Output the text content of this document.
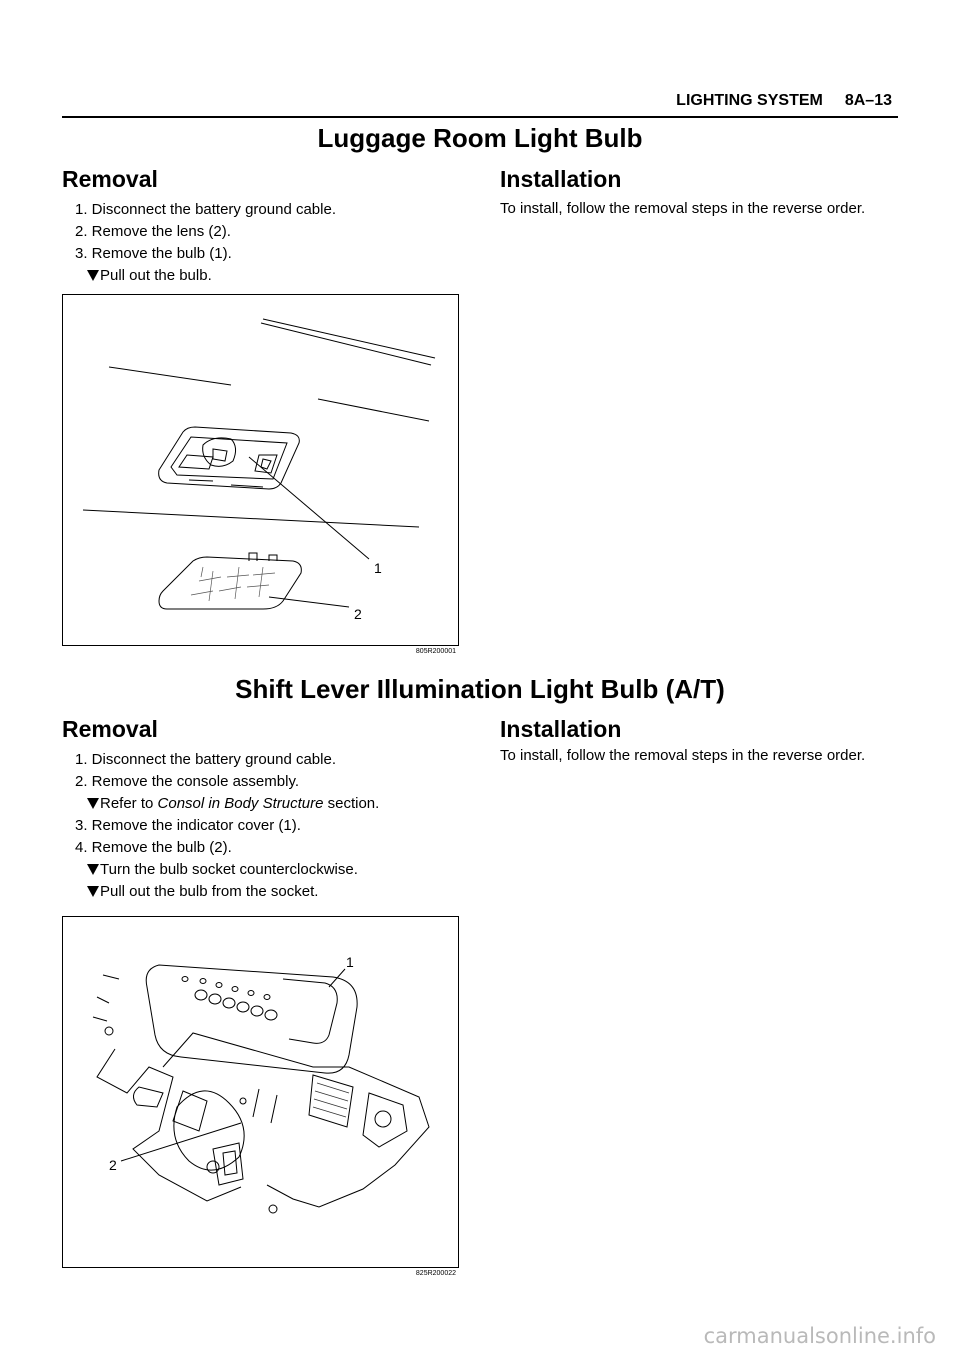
LIGHTING SYSTEM 8A–13
Luggage Room Light Bulb
Removal
1. Disconnect the battery ground cable.
2. Remove the lens (2).
3. Remove the bulb (1).
Pull out the bulb.
Installation
To install, follow the removal steps in the reverse order.
1
2
805R200001
Shift Lever Illumination Light Bulb (A/T)
Removal
1. Disconnect the battery ground cable.
2. Remove the console assembly.
Refer to Consol in Body Structure section.
3. Remove the indicator cover (1).
4. Remove the bulb (2).
Turn the bulb socket counterclockwise.
Pull out the bulb from the socket.
Installation
To install, follow the removal steps in the reverse order.
1
2
825R200022
carmanualsonline.info
